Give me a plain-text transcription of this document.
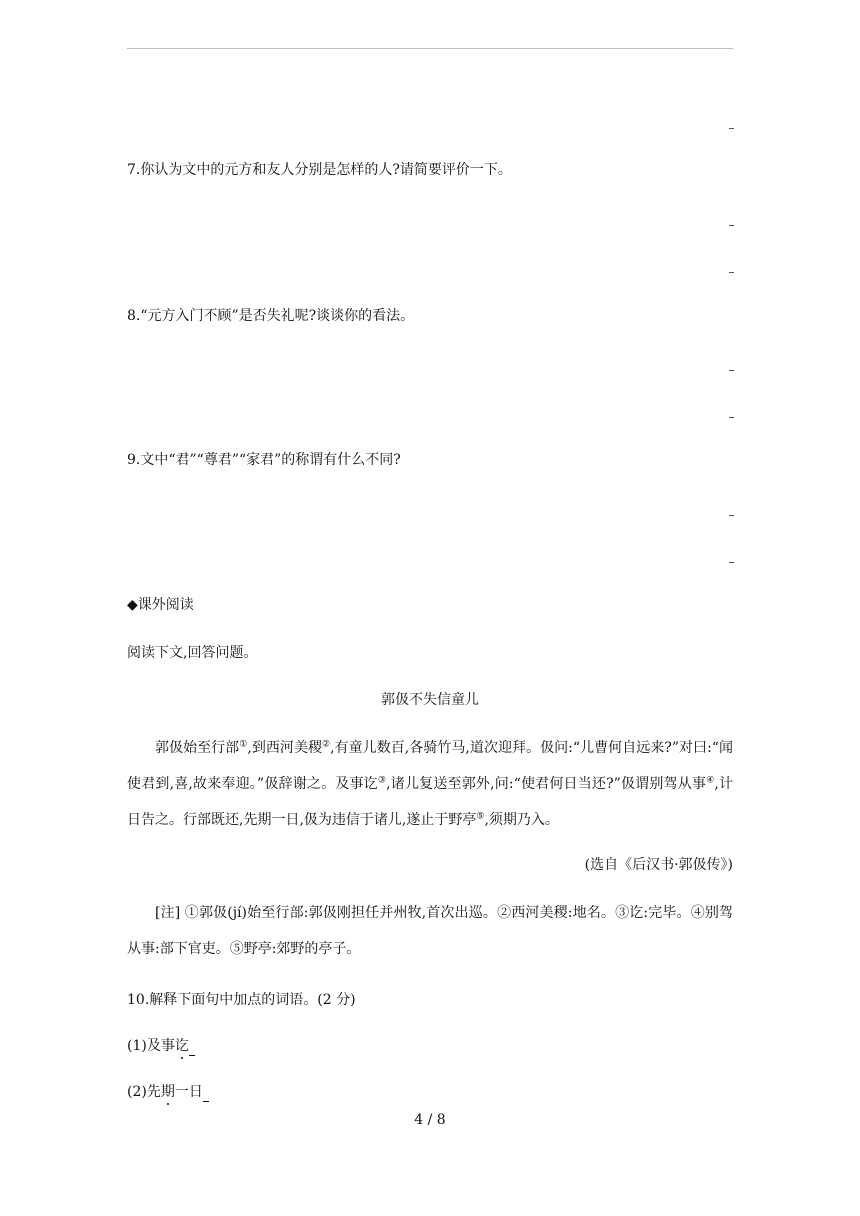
7.你认为文中的元方和友人分别是怎样的人?请简要评价一下。
8.“元方入门不顾”是否失礼呢?谈谈你的看法。
9.文中“君”“尊君”“家君”的称谓有什么不同?
◆课外阅读
阅读下文,回答问题。
郭伋不失信童儿
郭伋始至行部①,到西河美稷②,有童儿数百,各骑竹马,道次迎拜。伋问:“儿曹何自远来?”对曰:“闻使君到,喜,故来奉迎。”伋辞谢之。及事讫③,诸儿复送至郭外,问:“使君何日当还?”伋谓别驾从事④,计日告之。行部既还,先期一日,伋为违信于诸儿,遂止于野亭⑤,须期乃入。
(选自《后汉书·郭伋传》)
[注] ①郭伋(jí)始至行部:郭伋刚担任并州牧,首次出巡。②西河美稷:地名。③讫:完毕。④别驾从事:部下官吏。⑤野亭:郊野的亭子。
10.解释下面句中加点的词语。(2 分)
(1)及事讫
(2)先期一日
4 / 8
